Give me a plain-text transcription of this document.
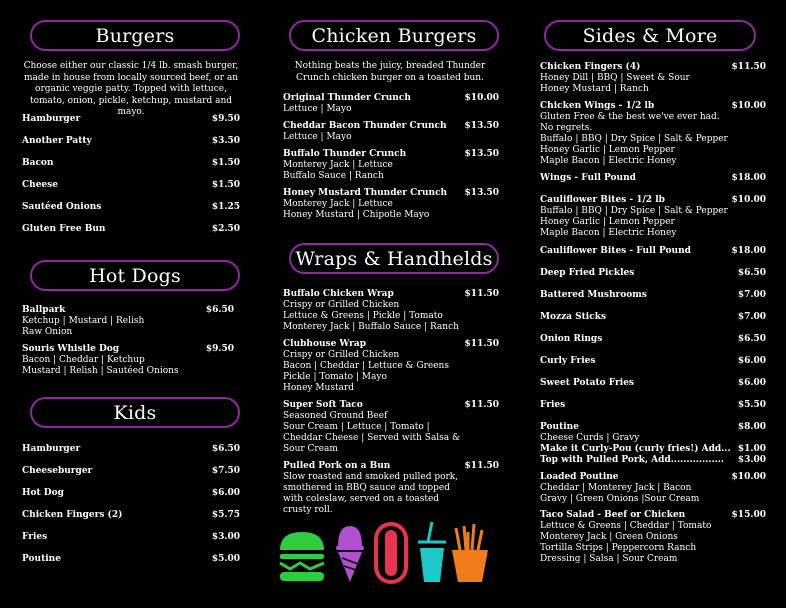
Burgers
Choose either our classic 1/4 lb. smash burger, made in house from locally sourced beef, or an organic veggie patty. Topped with lettuce, tomato, onion, pickle, ketchup, mustard and mayo.
Hamburger	$9.50
Another Patty	$3.50
Bacon	$1.50
Cheese	$1.50
Sautéed Onions	$1.25
Gluten Free Bun	$2.50
Hot Dogs
Ballpark	$6.50
Ketchup | Mustard | Relish
Raw Onion
Souris Whistle Dog	$9.50
Bacon | Cheddar | Ketchup
Mustard | Relish | Sautéed Onions
Kids
Hamburger	$6.50
Cheeseburger	$7.50
Hot Dog	$6.00
Chicken Fingers (2)	$5.75
Fries	$3.00
Poutine	$5.00
Chicken Burgers
Nothing beats the juicy, breaded Thunder Crunch chicken burger on a toasted bun.
Original Thunder Crunch	$10.00
Lettuce | Mayo
Cheddar Bacon Thunder Crunch $13.50
Lettuce | Mayo
Buffalo Thunder Crunch	$13.50
Monterey Jack | Lettuce
Buffalo Sauce | Ranch
Honey Mustard Thunder Crunch $13.50
Monterey Jack | Lettuce
Honey Mustard | Chipotle Mayo
Wraps & Handhelds
Buffalo Chicken Wrap	$11.50
Crispy or Grilled Chicken
Lettuce & Greens | Pickle | Tomato
Monterey Jack | Buffalo Sauce | Ranch
Clubhouse Wrap	$11.50
Crispy or Grilled Chicken
Bacon | Cheddar | Lettuce & Greens
Pickle | Tomato | Mayo
Honey Mustard
Super Soft Taco	$11.50
Seasoned Ground Beef
Sour Cream | Lettuce | Tomato |
Cheddar Cheese | Served with Salsa &
Sour Cream
Pulled Pork on a Bun	$11.50
Slow roasted and smoked pulled pork,
smothered in BBQ sauce and topped
with coleslaw, served on a toasted
crusty roll.
Sides & More
Chicken Fingers (4)	$11.50
Honey Dill | BBQ | Sweet & Sour
Honey Mustard | Ranch
Chicken Wings - 1/2 lb	$10.00
Gluten Free & the best we've ever had.
No regrets.
Buffalo | BBQ | Dry Spice | Salt & Pepper
Honey Garlic | Lemon Pepper
Maple Bacon | Electric Honey
Wings - Full Pound	$18.00
Cauliflower Bites - 1/2 lb	$10.00
Buffalo | BBQ | Dry Spice | Salt & Pepper
Honey Garlic | Lemon Pepper
Maple Bacon | Electric Honey
Cauliflower Bites - Full Pound	$18.00
Deep Fried Pickles	$6.50
Battered Mushrooms	$7.00
Mozza Sticks	$7.00
Onion Rings	$6.50
Curly Fries	$6.00
Sweet Potato Fries	$6.00
Fries	$5.50
Poutine	$8.00
Cheese Curds | Gravy
Make it Curly-Pou (curly fries!) Add... $1.00
Top with Pulled Pork, Add................. $3.00
Loaded Poutine	$10.00
Cheddar | Monterey Jack | Bacon
Gravy | Green Onions |Sour Cream
Taco Salad - Beef or Chicken	$15.00
Lettuce & Greens | Cheddar | Tomato
Monterey Jack | Green Onions
Tortilla Strips | Peppercorn Ranch
Dressing | Salsa | Sour Cream
